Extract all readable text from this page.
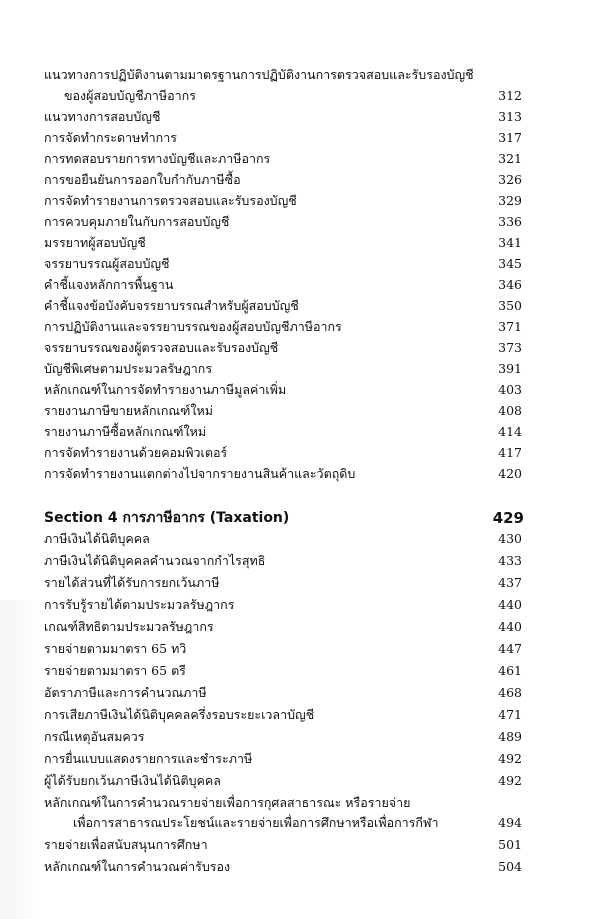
แนวทางการปฏิบัติงานตามมาตรฐานการปฏิบัติงานการตรวจสอบและรับรองบัญชี
ของผู้สอบบัญชีภาษีอากร	312
แนวทางการสอบบัญชี	313
การจัดทำกระดาษทำการ	317
การทดสอบรายการทางบัญชีและภาษีอากร	321
การขอยืนยันการออกใบกำกับภาษีซื้อ	326
การจัดทำรายงานการตรวจสอบและรับรองบัญชี	329
การควบคุมภายในกับการสอบบัญชี	336
มรรยาทผู้สอบบัญชี	341
จรรยาบรรณผู้สอบบัญชี	345
คำชี้แจงหลักการพื้นฐาน	346
คำชี้แจงข้อบังคับจรรยาบรรณสำหรับผู้สอบบัญชี	350
การปฏิบัติงานและจรรยาบรรณของผู้สอบบัญชีภาษีอากร	371
จรรยาบรรณของผู้ตรวจสอบและรับรองบัญชี	373
บัญชีพิเศษตามประมวลรัษฎากร	391
หลักเกณฑ์ในการจัดทำรายงานภาษีมูลค่าเพิ่ม	403
รายงานภาษีขายหลักเกณฑ์ใหม่	408
รายงานภาษีซื้อหลักเกณฑ์ใหม่	414
การจัดทำรายงานด้วยคอมพิวเตอร์	417
การจัดทำรายงานแตกต่างไปจากรายงานสินค้าและวัตถุดิบ	420
Section 4 การภาษีอากร (Taxation)	429
ภาษีเงินได้นิติบุคคล	430
ภาษีเงินได้นิติบุคคลคำนวณจากกำไรสุทธิ	433
รายได้ส่วนที่ได้รับการยกเว้นภาษี	437
การรับรู้รายได้ตามประมวลรัษฎากร	440
เกณฑ์สิทธิตามประมวลรัษฎากร	440
รายจ่ายตามมาตรา 65 ทวิ	447
รายจ่ายตามมาตรา 65 ตรี	461
อัตราภาษีและการคำนวณภาษี	468
การเสียภาษีเงินได้นิติบุคคลครึ่งรอบระยะเวลาบัญชี	471
กรณีเหตุอันสมควร	489
การยื่นแบบแสดงรายการและชำระภาษี	492
ผู้ได้รับยกเว้นภาษีเงินได้นิติบุคคล	492
หลักเกณฑ์ในการคำนวณรายจ่ายเพื่อการกุศลสาธารณะ หรือรายจ่าย
เพื่อการสาธารณประโยชน์และรายจ่ายเพื่อการศึกษาหรือเพื่อการกีฬา	494
รายจ่ายเพื่อสนับสนุนการศึกษา	501
หลักเกณฑ์ในการคำนวณค่ารับรอง	504
